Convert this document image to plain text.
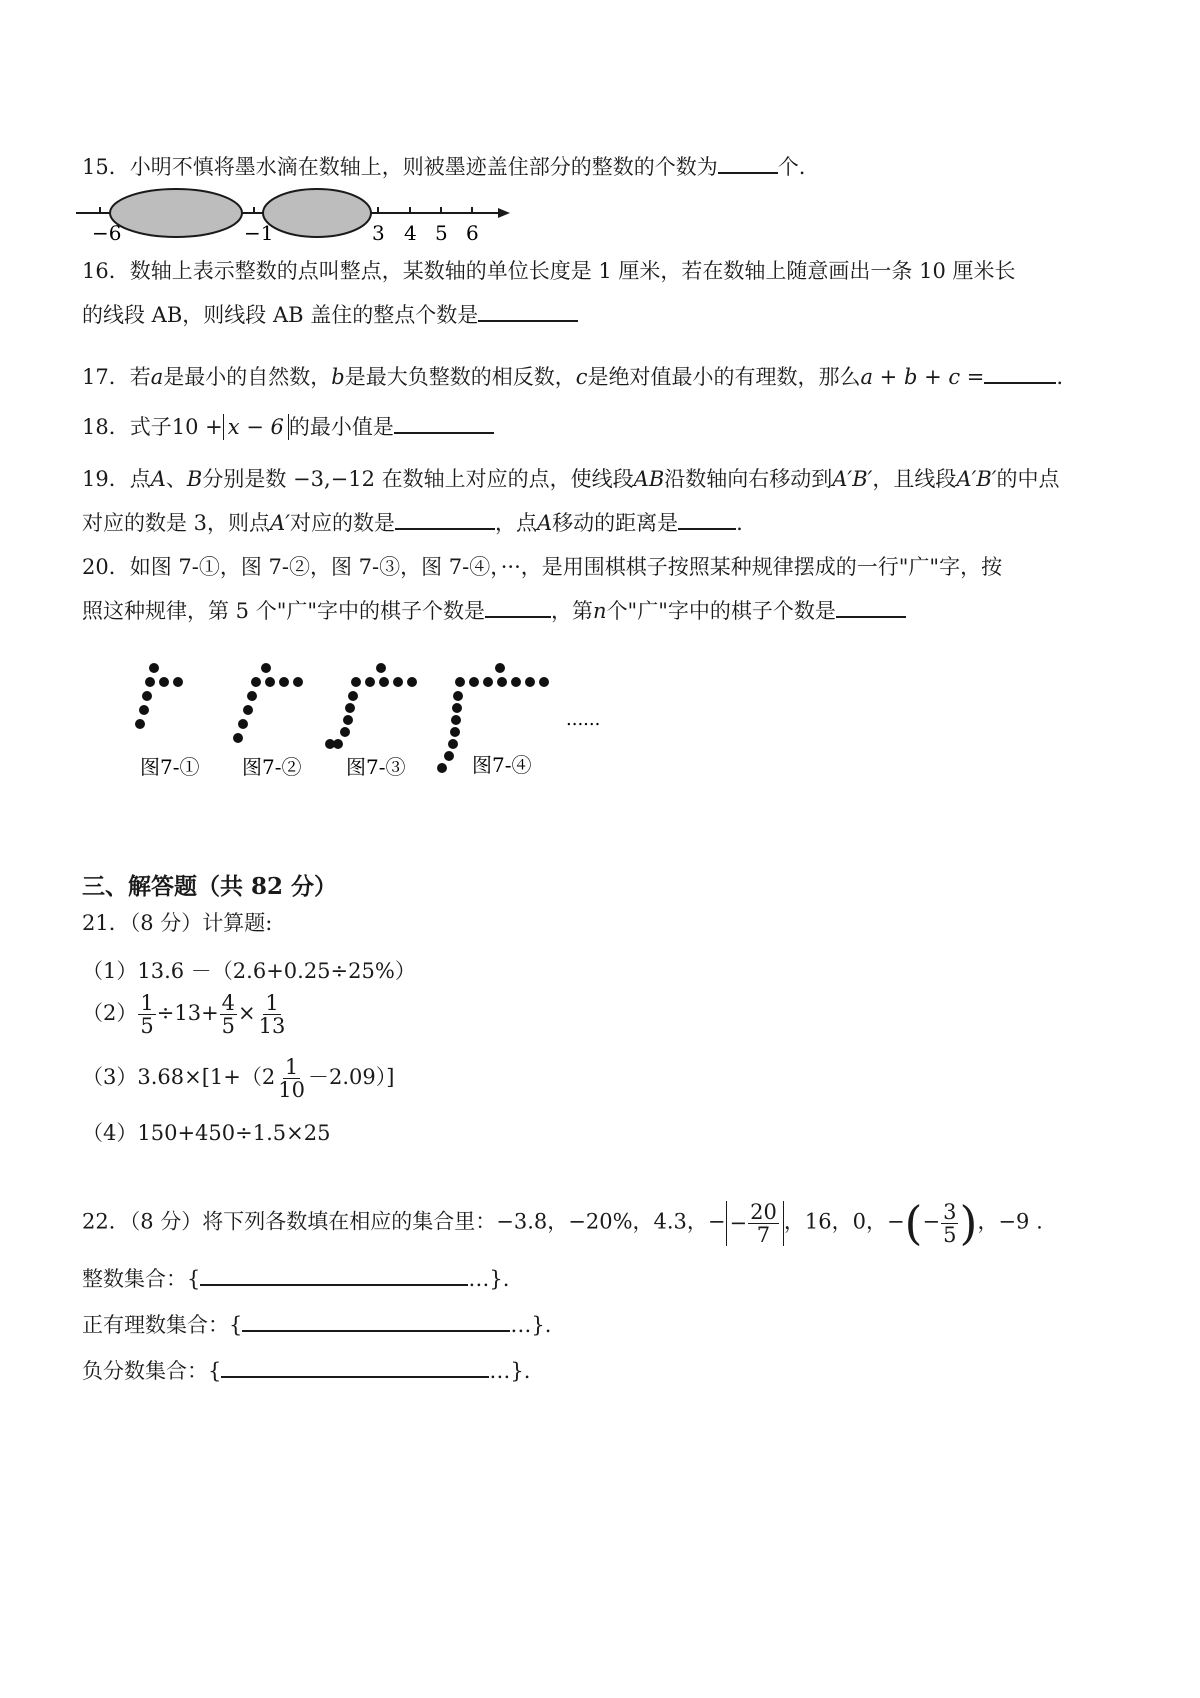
15．小明不慎将墨水滴在数轴上，则被墨迹盖住部分的整数的个数为	个.
−6	−1	3 4 5 6
16．数轴上表示整数的点叫整点，某数轴的单位长度是 1 厘米，若在数轴上随意画出一条 10 厘米长
的线段 AB，则线段 AB 盖住的整点个数是
17．若a是最小的自然数，b是最大负整数的相反数，c是绝对值最小的有理数，那么a + b + c =	.
18．式子10 + x − 6 的最小值是
19．点A、B分别是数 −3,−12 在数轴上对应的点，使线段AB沿数轴向右移动到A′B′，且线段A′B′的中点
对应的数是 3，则点A′对应的数是	，点A移动的距离是	.
20．如图 7-①，图 7-②，图 7-③，图 7-④，···，是用围棋棋子按照某种规律摆成的一行"广"字，按
照这种规律，第 5 个"广"字中的棋子个数是	，第n个"广"字中的棋子个数是
......
图7-① 图7-② 图7-③	图7-④
三、解答题（共 82 分）
21．（8 分）计算题:
（1）13.6 －（2.6+0.25÷25%）
$(2) \frac{1}{5} \div 13+ \frac{4}{5} \times \frac{1}{13}$
$(3)3.68\times[1+(2 \frac{1}{10} -2.09)]$
（4）150+450÷1.5×25
22．（8 分）将下列各数填在相应的集合里：−3.8，−20%，4.3，− − $\frac{20}{7}$ ，16，0，−(− $\frac{3}{5}$ )，−9 .
整数集合：{	…}.
正有理数集合：{	…}.
负分数集合：{	…}.
